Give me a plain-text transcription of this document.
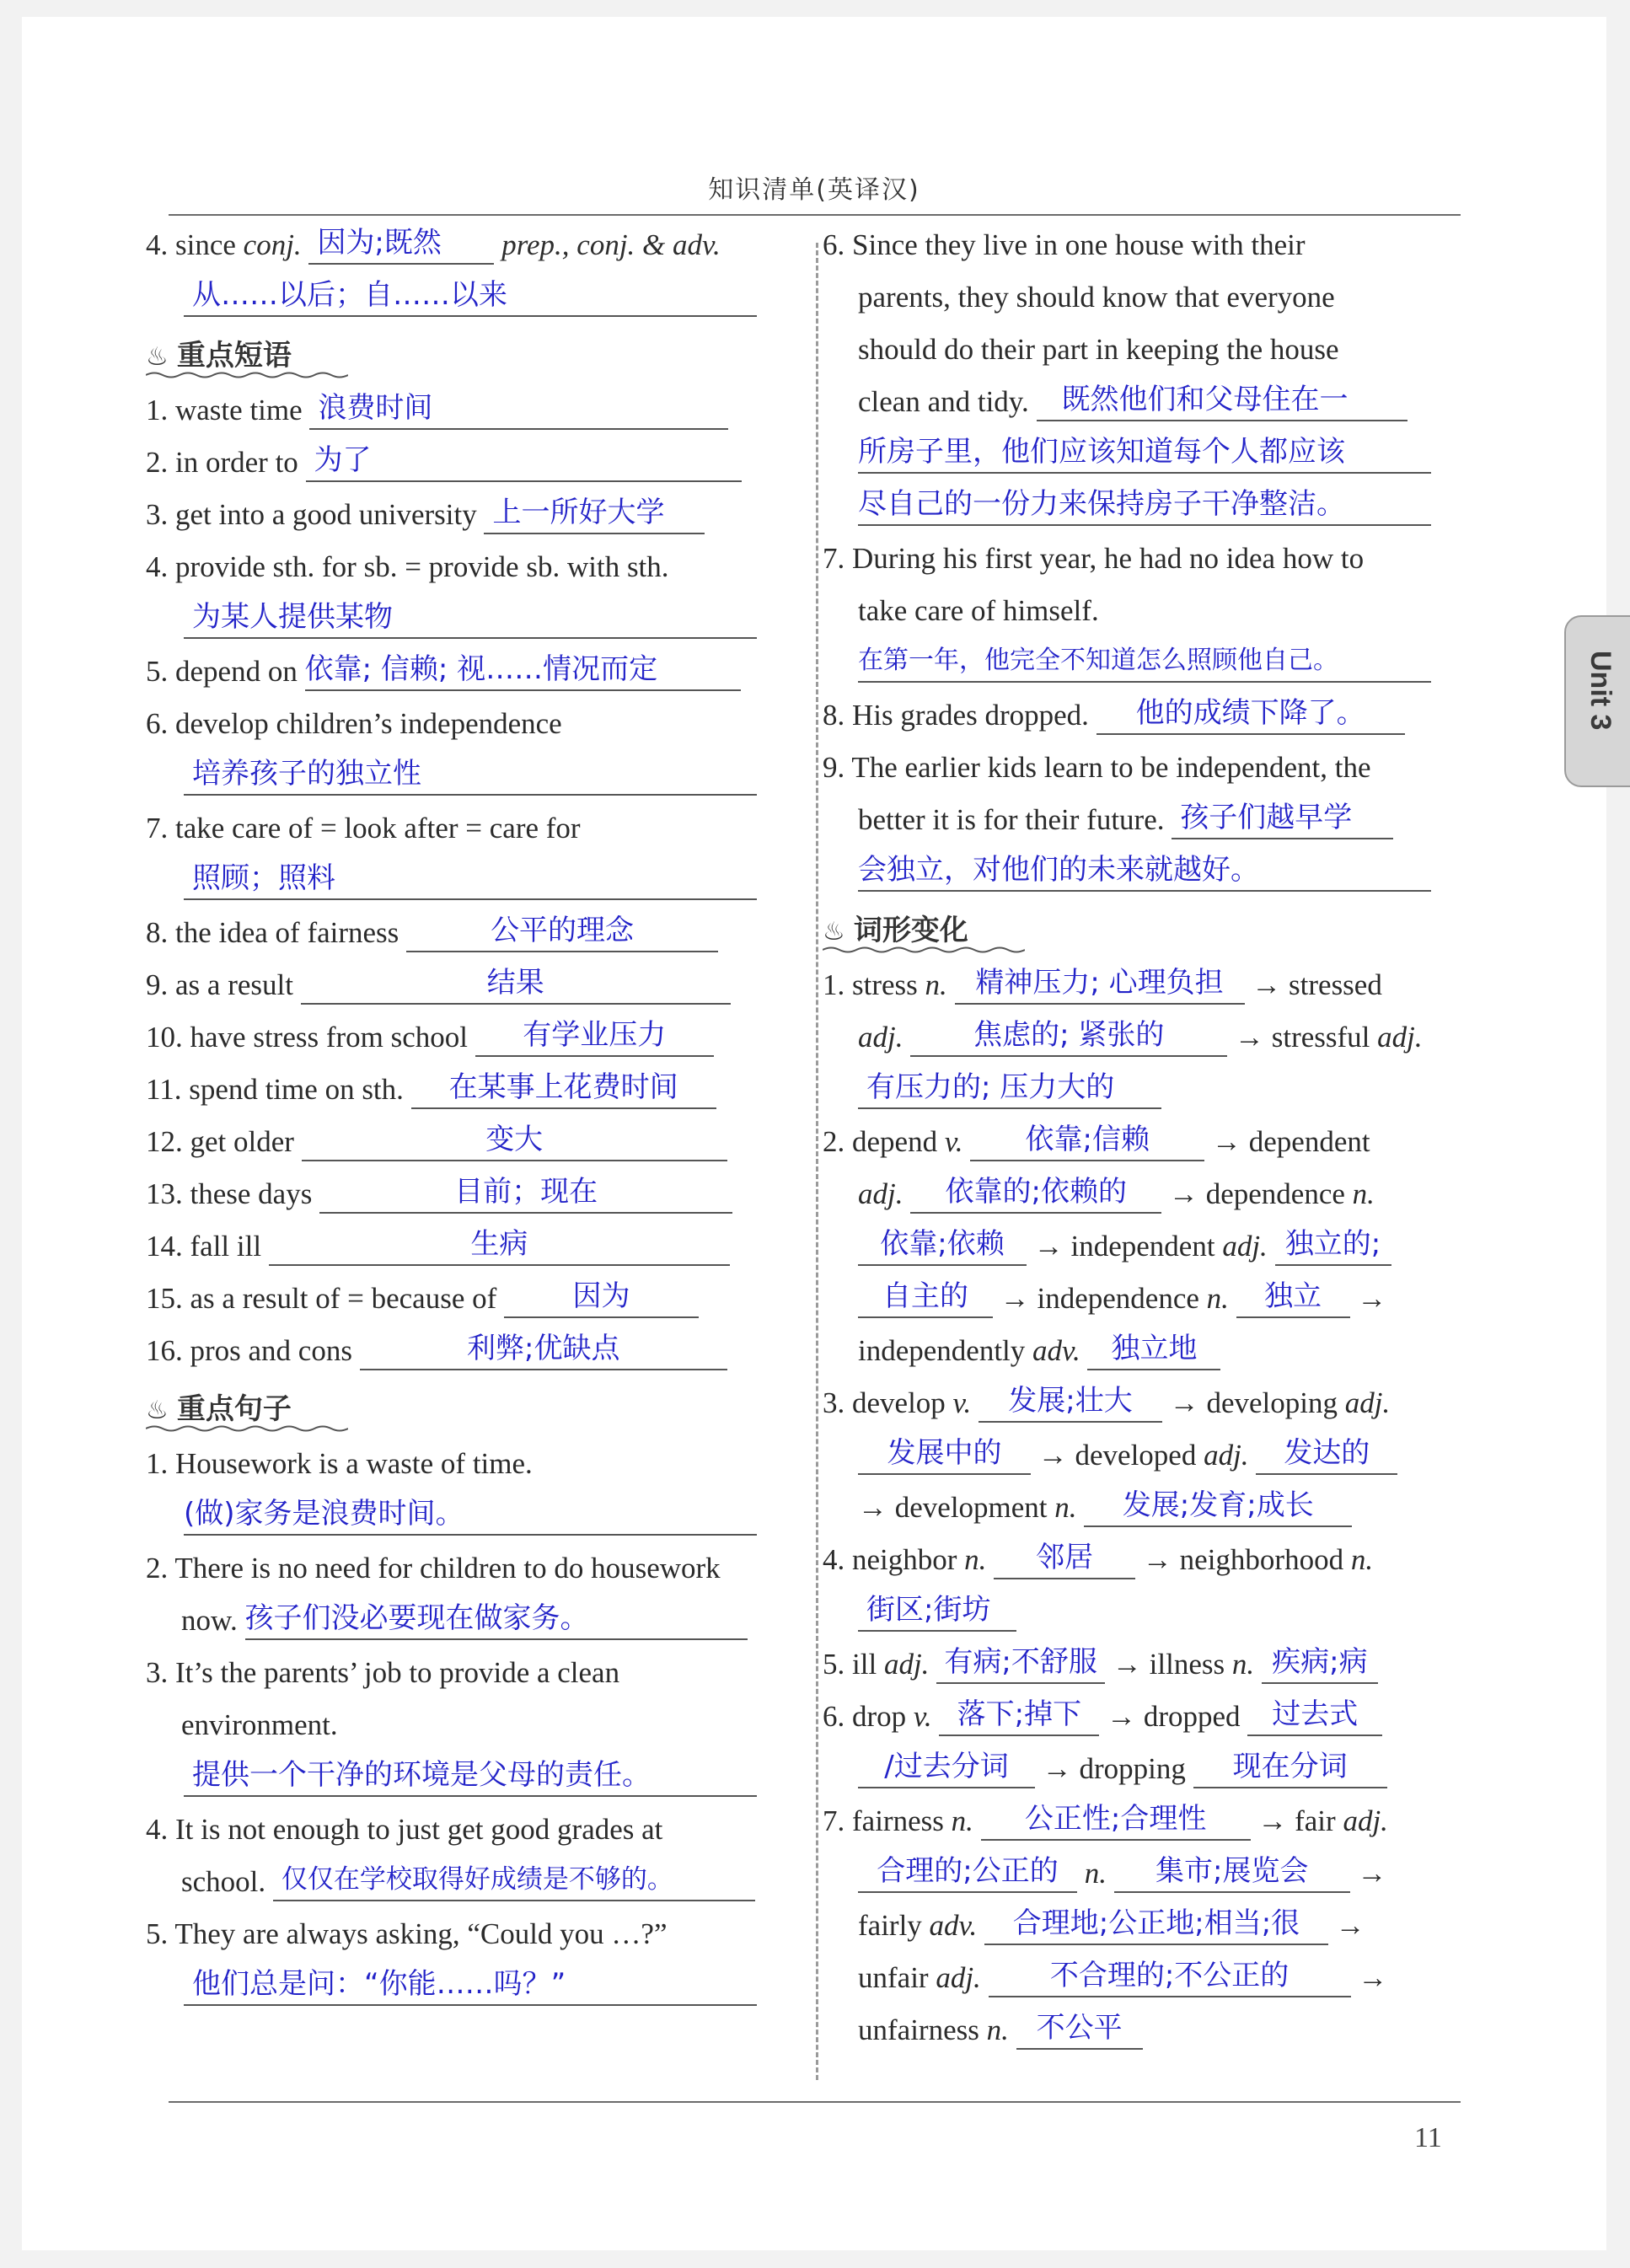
知识清单(英译汉)
11
Unit 3
4. since conj. 因为;既然 prep., conj. & adv.
从……以后；自……以来
♨ 重点短语
1. waste time 浪费时间
2. in order to 为了
3. get into a good university 上一所好大学
4. provide sth. for sb. = provide sb. with sth.
为某人提供某物
5. depend on 依靠; 信赖; 视……情况而定
6. develop children’s independence
培养孩子的独立性
7. take care of = look after = care for
照顾；照料
8. the idea of fairness	公平的理念
9. as a result	结果
10. have stress from school	有学业压力
11. spend time on sth.	在某事上花费时间
12. get older	变大
13. these days	目前；现在
14. fall ill	生病
15. as a result of = because of	因为
16. pros and cons	利弊;优缺点
♨ 重点句子
1. Housework is a waste of time.
(做)家务是浪费时间。
2. There is no need for children to do housework
now. 孩子们没必要现在做家务。
3. It’s the parents’ job to provide a clean
environment.
提供一个干净的环境是父母的责任。
4. It is not enough to just get good grades at
school. 仅仅在学校取得好成绩是不够的。
5. They are always asking, “Could you …?”
他们总是问：“你能……吗？”
6. Since they live in one house with their
parents, they should know that everyone
should do their part in keeping the house
clean and tidy. 既然他们和父母住在一
所房子里，他们应该知道每个人都应该
尽自己的一份力来保持房子干净整洁。
7. During his first year, he had no idea how to
take care of himself.
在第一年，他完全不知道怎么照顾他自己。
8. His grades dropped.	他的成绩下降了。
9. The earlier kids learn to be independent, the
better it is for their future. 孩子们越早学
会独立，对他们的未来就越好。
♨ 词形变化
1. stress n. 精神压力; 心理负担 → stressed
adj.	焦虑的; 紧张的	→ stressful adj.
有压力的; 压力大的
2. depend v.	依靠;信赖	→ dependent
adj.	依靠的;依赖的	→ dependence n.
依靠;依赖	→ independent adj. 独立的;
自主的	→ independence n.	独立	→
independently adv.	独立地
3. develop v.	发展;壮大	→ developing adj.
发展中的	→ developed adj.	发达的
→ development n.	发展;发育;成长
4. neighbor n.	邻居	→ neighborhood n.
街区;街坊
5. ill adj. 有病;不舒服 → illness n. 疾病;病
6. drop v. 落下;掉下 → dropped	过去式
/过去分词	→ dropping	现在分词
7. fairness n.	公正性;合理性	→ fair adj.
合理的;公正的 n.	集市;展览会	→
fairly adv.	合理地;公正地;相当;很	→
unfair adj.	不合理的;不公正的	→
unfairness n. 不公平
